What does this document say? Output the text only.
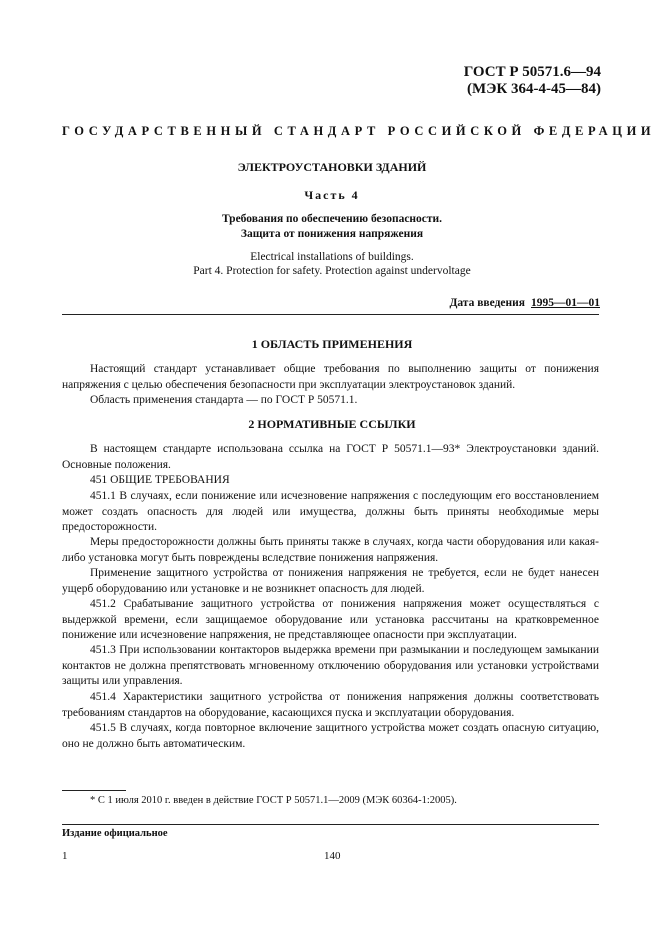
ГОСТ Р 50571.6—94
(МЭК 364-4-45—84)
ГОСУДАРСТВЕННЫЙ СТАНДАРТ РОССИЙСКОЙ ФЕДЕРАЦИИ
ЭЛЕКТРОУСТАНОВКИ ЗДАНИЙ
Часть 4
Требования по обеспечению безопасности.
Защита от понижения напряжения
Electrical installations of buildings.
Part 4. Protection for safety. Protection against undervoltage
Дата введения 1995—01—01
1 ОБЛАСТЬ ПРИМЕНЕНИЯ
Настоящий стандарт устанавливает общие требования по выполнению защиты от понижения напряжения с целью обеспечения безопасности при эксплуатации электроустановок зданий.
Область применения стандарта — по ГОСТ Р 50571.1.
2 НОРМАТИВНЫЕ ССЫЛКИ
В настоящем стандарте использована ссылка на ГОСТ Р 50571.1—93* Электроустановки зданий. Основные положения.
451 ОБЩИЕ ТРЕБОВАНИЯ
451.1 В случаях, если понижение или исчезновение напряжения с последующим его восстановлением может создать опасность для людей или имущества, должны быть приняты необходимые меры предосторожности.
Меры предосторожности должны быть приняты также в случаях, когда части оборудования или какая-либо установка могут быть повреждены вследствие понижения напряжения.
Применение защитного устройства от понижения напряжения не требуется, если не будет нанесен ущерб оборудованию или установке и не возникнет опасность для людей.
451.2 Срабатывание защитного устройства от понижения напряжения может осуществляться с выдержкой времени, если защищаемое оборудование или установка рассчитаны на кратковременное понижение или исчезновение напряжения, не представляющее опасности при эксплуатации.
451.3 При использовании контакторов выдержка времени при размыкании и последующем замыкании контактов не должна препятствовать мгновенному отключению оборудования или установки устройствами защиты или управления.
451.4 Характеристики защитного устройства от понижения напряжения должны соответствовать требованиям стандартов на оборудование, касающихся пуска и эксплуатации оборудования.
451.5 В случаях, когда повторное включение защитного устройства может создать опасную ситуацию, оно не должно быть автоматическим.
* С 1 июля 2010 г. введен в действие ГОСТ Р 50571.1—2009 (МЭК 60364-1:2005).
Издание официальное
1	140
